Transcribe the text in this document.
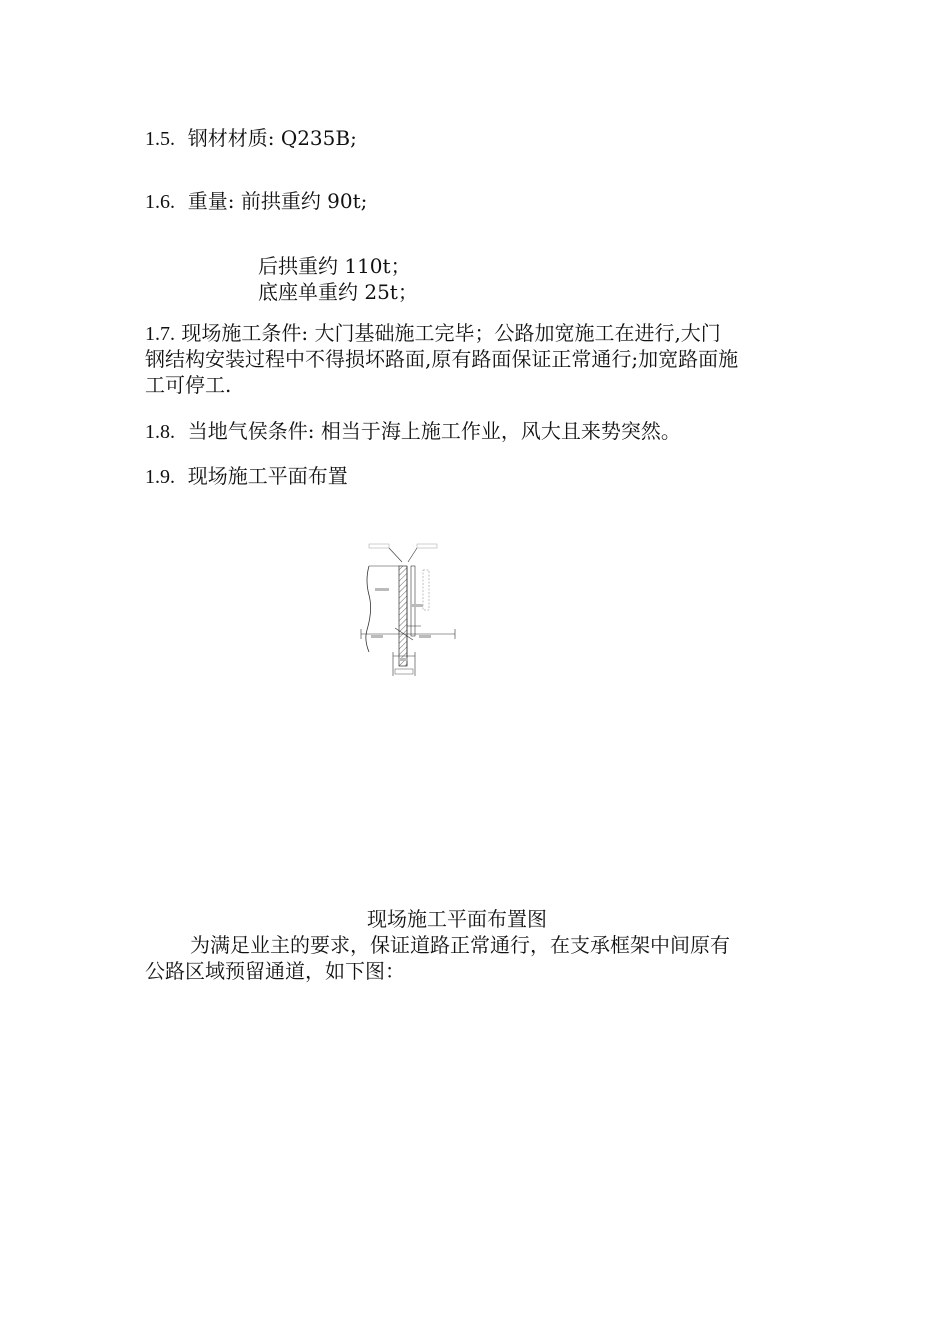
1.5. 钢材材质: Q235B;
1.6. 重量: 前拱重约 90t;
后拱重约 110t；
底座单重约 25t；
1.7. 现场施工条件: 大门基础施工完毕；公路加宽施工在进行,大门
钢结构安装过程中不得损坏路面,原有路面保证正常通行;加宽路面施
工可停工.
1.8. 当地气侯条件: 相当于海上施工作业，风大且来势突然。
1.9. 现场施工平面布置
现场施工平面布置图
为满足业主的要求，保证道路正常通行，在支承框架中间原有
公路区域预留通道，如下图：
